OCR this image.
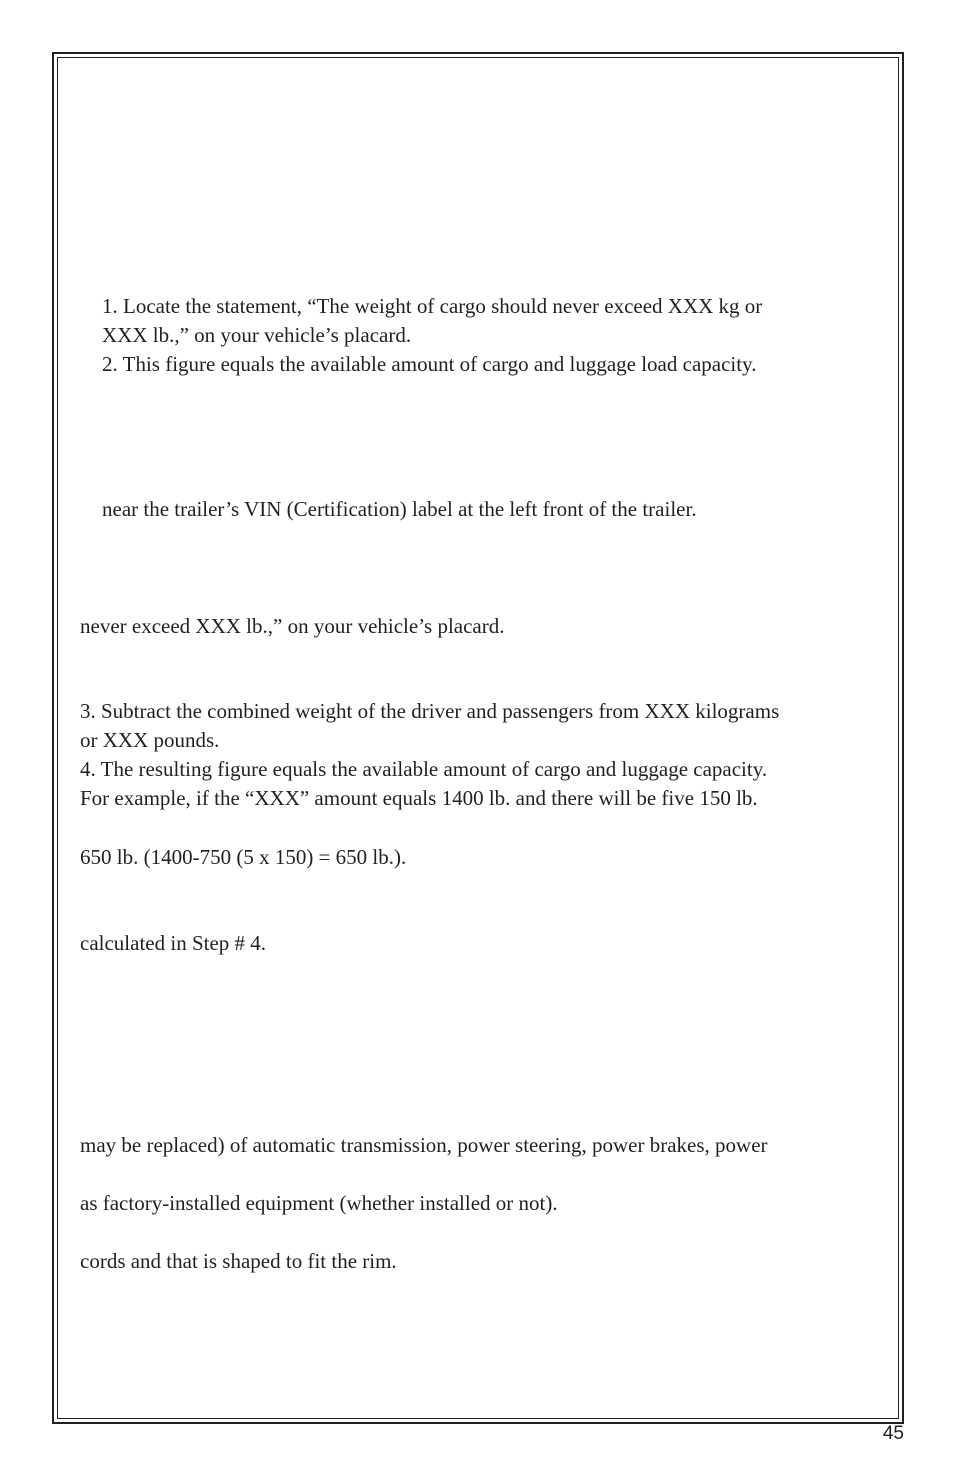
1. Locate the statement, “The weight of cargo should never exceed XXX kg or

XXX lb.,” on your vehicle’s placard.

2. This figure equals the available amount of cargo and luggage load capacity.

near the trailer’s VIN (Certification) label at the left front of the trailer.

never exceed XXX lb.,” on your vehicle’s placard.

3. Subtract the combined weight of the driver and passengers from XXX kilograms

or XXX pounds.

4. The resulting figure equals the available amount of cargo and luggage capacity.

For example, if the “XXX” amount equals 1400 lb. and there will be five 150 lb.

650 lb. (1400-750 (5 x 150) = 650 lb.).

calculated in Step # 4.

may be replaced) of automatic transmission, power steering, power brakes, power

as factory-installed equipment (whether installed or not).

cords and that is shaped to fit the rim.

45
